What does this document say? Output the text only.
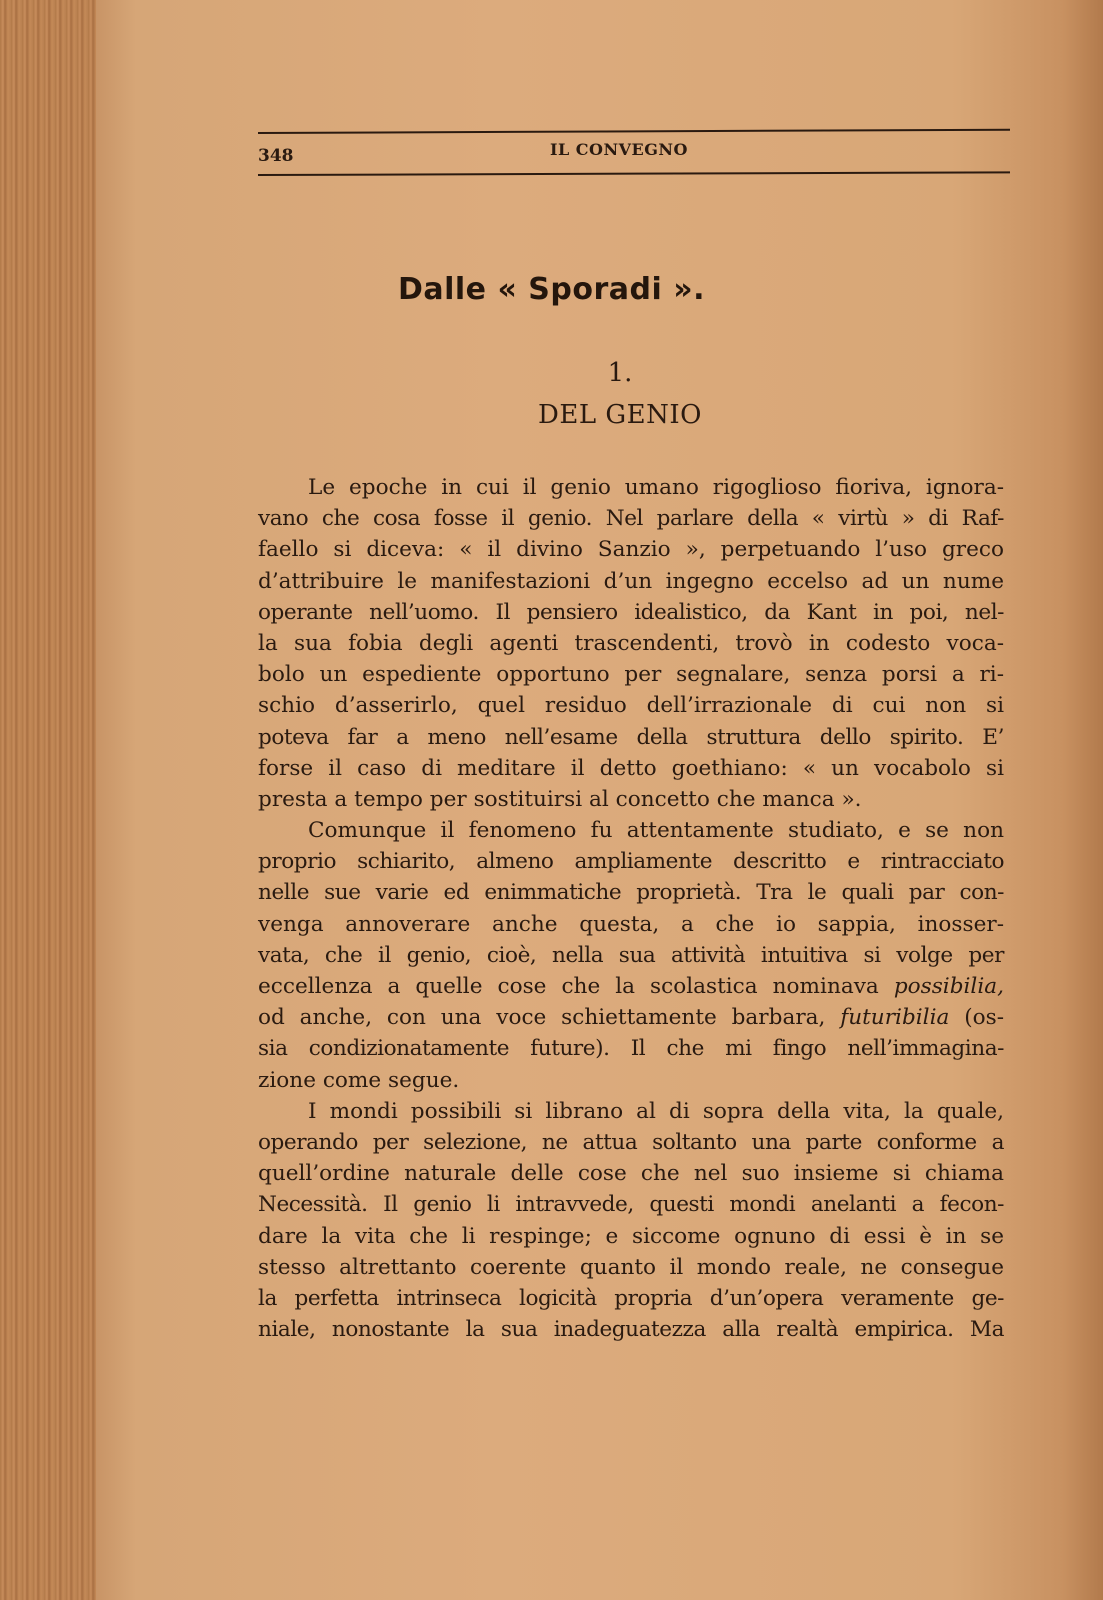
348	IL CONVEGNO
Dalle « Sporadi ».
1.
DEL GENIO
Le epoche in cui il genio umano rigoglioso fioriva, ignora-
vano che cosa fosse il genio. Nel parlare della « virtù » di Raf-
faello si diceva: « il divino Sanzio », perpetuando l’uso greco
d’attribuire le manifestazioni d’un ingegno eccelso ad un nume
operante nell’uomo. Il pensiero idealistico, da Kant in poi, nel-
la sua fobia degli agenti trascendenti, trovò in codesto voca-
bolo un espediente opportuno per segnalare, senza porsi a ri-
schio d’asserirlo, quel residuo dell’irrazionale di cui non si
poteva far a meno nell’esame della struttura dello spirito. E’
forse il caso di meditare il detto goethiano: « un vocabolo si
presta a tempo per sostituirsi al concetto che manca ».
Comunque il fenomeno fu attentamente studiato, e se non
proprio schiarito, almeno ampliamente descritto e rintracciato
nelle sue varie ed enimmatiche proprietà. Tra le quali par con-
venga annoverare anche questa, a che io sappia, inosser-
vata, che il genio, cioè, nella sua attività intuitiva si volge per
eccellenza a quelle cose che la scolastica nominava possibilia,
od anche, con una voce schiettamente barbara, futuribilia (os-
sia condizionatamente future). Il che mi fingo nell’immagina-
zione come segue.
I mondi possibili si librano al di sopra della vita, la quale,
operando per selezione, ne attua soltanto una parte conforme a
quell’ordine naturale delle cose che nel suo insieme si chiama
Necessità. Il genio li intravvede, questi mondi anelanti a fecon-
dare la vita che li respinge; e siccome ognuno di essi è in se
stesso altrettanto coerente quanto il mondo reale, ne consegue
la perfetta intrinseca logicità propria d’un’opera veramente ge-
niale, nonostante la sua inadeguatezza alla realtà empirica. Ma
